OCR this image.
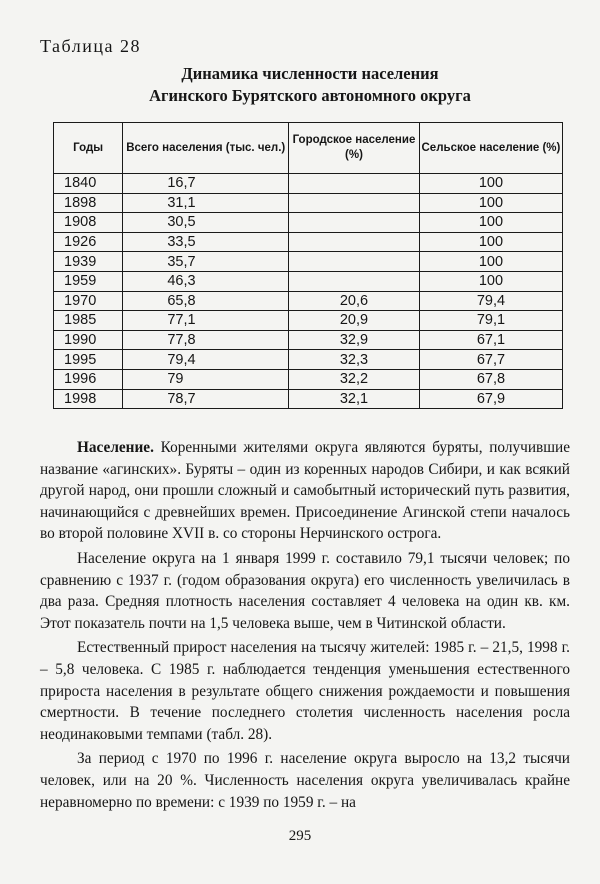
Таблица 28
Динамика численности населения
Агинского Бурятского автономного округа
Годы	Всего населения (тыс. чел.)	Городское население (%)	Сельское население (%)
1840	16,7		100
1898	31,1		100
1908	30,5		100
1926	33,5		100
1939	35,7		100
1959	46,3		100
1970	65,8	20,6	79,4
1985	77,1	20,9	79,1
1990	77,8	32,9	67,1
1995	79,4	32,3	67,7
1996	79	32,2	67,8
1998	78,7	32,1	67,9

Население. Коренными жителями округа являются буряты, получившие название «агинских». Буряты – один из коренных народов Сибири, и как всякий другой народ, они прошли сложный и самобытный исторический путь развития, начинающийся с древнейших времен. Присоединение Агинской степи началось во второй половине XVII в. со стороны Нерчинского острога.

Население округа на 1 января 1999 г. составило 79,1 тысячи человек; по сравнению с 1937 г. (годом образования округа) его численность увеличилась в два раза. Средняя плотность населения составляет 4 человека на один кв. км. Этот показатель почти на 1,5 человека выше, чем в Читинской области.

Естественный прирост населения на тысячу жителей: 1985 г. – 21,5, 1998 г. – 5,8 человека. С 1985 г. наблюдается тенденция уменьшения естественного прироста населения в результате общего снижения рождаемости и повышения смертности. В течение последнего столетия численность населения росла неодинаковыми темпами (табл. 28).

За период с 1970 по 1996 г. население округа выросло на 13,2 тысячи человек, или на 20 %. Численность населения округа увеличивалась крайне неравномерно по времени: с 1939 по 1959 г. – на

295
